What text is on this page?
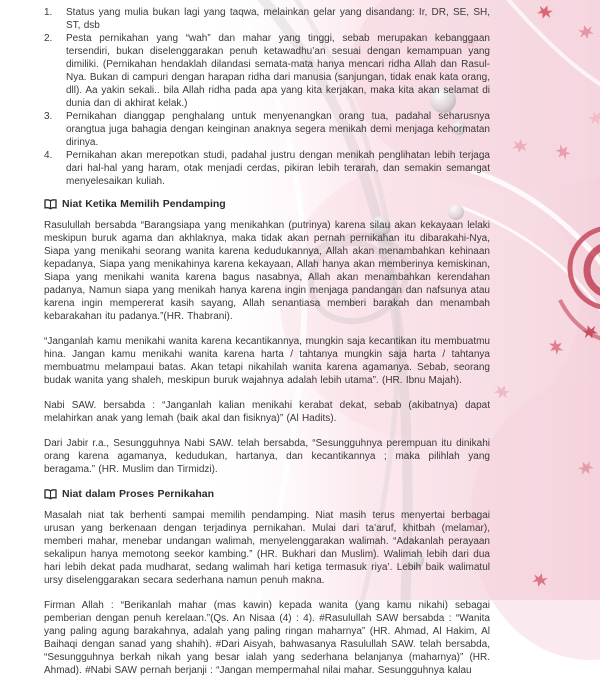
1.	Status yang mulia bukan lagi yang taqwa, melainkan gelar yang disandang: Ir, DR, SE, SH, ST, dsb
2.	Pesta pernikahan yang “wah” dan mahar yang tinggi, sebab merupakan kebanggaan tersendiri, bukan diselenggarakan penuh ketawadhu’an sesuai dengan kemampuan yang dimiliki. (Pernikahan hendaklah dilandasi semata-mata hanya mencari ridha Allah dan Rasul-Nya. Bukan di campuri dengan harapan ridha dari manusia (sanjungan, tidak enak kata orang, dll). Aa yakin sekali.. bila Allah ridha pada apa yang kita kerjakan, maka kita akan selamat di dunia dan di akhirat kelak.)
3.	Pernikahan dianggap penghalang untuk menyenangkan orang tua, padahal seharusnya orangtua juga bahagia dengan keinginan anaknya segera menikah demi menjaga kehormatan dirinya.
4.	Pernikahan akan merepotkan studi, padahal justru dengan menikah penglihatan lebih terjaga dari hal-hal yang haram, otak menjadi cerdas, pikiran lebih terarah, dan semakin semangat menyelesaikan kuliah.
Niat Ketika Memilih Pendamping

Rasulullah bersabda “Barangsiapa yang menikahkan (putrinya) karena silau akan kekayaan lelaki meskipun buruk agama dan akhlaknya, maka tidak akan pernah pernikahan itu dibarakahi-Nya, Siapa yang menikahi seorang wanita karena kedudukannya, Allah akan menambahkan kehinaan kepadanya, Siapa yang menikahinya karena kekayaan, Allah hanya akan memberinya kemiskinan, Siapa yang menikahi wanita karena bagus nasabnya, Allah akan menambahkan kerendahan padanya, Namun siapa yang menikah hanya karena ingin menjaga pandangan dan nafsunya atau karena ingin mempererat kasih sayang, Allah senantiasa memberi barakah dan menambah kebarakahan itu padanya.”(HR. Thabrani).

“Janganlah kamu menikahi wanita karena kecantikannya, mungkin saja kecantikan itu membuatmu hina. Jangan kamu menikahi wanita karena harta / tahtanya mungkin saja harta / tahtanya membuatmu melampaui batas. Akan tetapi nikahilah wanita karena agamanya. Sebab, seorang budak wanita yang shaleh, meskipun buruk wajahnya adalah lebih utama”. (HR. Ibnu Majah).

Nabi SAW. bersabda : “Janganlah kalian menikahi kerabat dekat, sebab (akibatnya) dapat melahirkan anak yang lemah (baik akal dan fisiknya)” (Al Hadits).

Dari Jabir r.a., Sesungguhnya Nabi SAW. telah bersabda, “Sesungguhnya perempuan itu dinikahi orang karena agamanya, kedudukan, hartanya, dan kecantikannya ; maka pilihlah yang beragama.” (HR. Muslim dan Tirmidzi).

Niat dalam Proses Pernikahan

Masalah niat tak berhenti sampai memilih pendamping. Niat masih terus menyertai berbagai urusan yang berkenaan dengan terjadinya pernikahan. Mulai dari ta’aruf, khitbah (melamar), memberi mahar, menebar undangan walimah, menyelenggarakan walimah. “Adakanlah perayaan sekalipun hanya memotong seekor kambing.” (HR. Bukhari dan Muslim). Walimah lebih dari dua hari lebih dekat pada mudharat, sedang walimah hari ketiga termasuk riya’. Lebih baik walimatul ursy diselenggarakan secara sederhana namun penuh makna.

Firman Allah : “Berikanlah mahar (mas kawin) kepada wanita (yang kamu nikahi) sebagai pemberian dengan penuh kerelaan.”(Qs. An Nisaa (4) : 4). #Rasulullah SAW bersabda : “Wanita yang paling agung barakahnya, adalah yang paling ringan maharnya” (HR. Ahmad, Al Hakim, Al Baihaqi dengan sanad yang shahih). #Dari Aisyah, bahwasanya Rasulullah SAW. telah bersabda, “Sesungguhnya berkah nikah yang besar ialah yang sederhana belanjanya (maharnya)” (HR. Ahmad). #Nabi SAW pernah berjanji : “Jangan mempermahal nilai mahar. Sesungguhnya kalau
